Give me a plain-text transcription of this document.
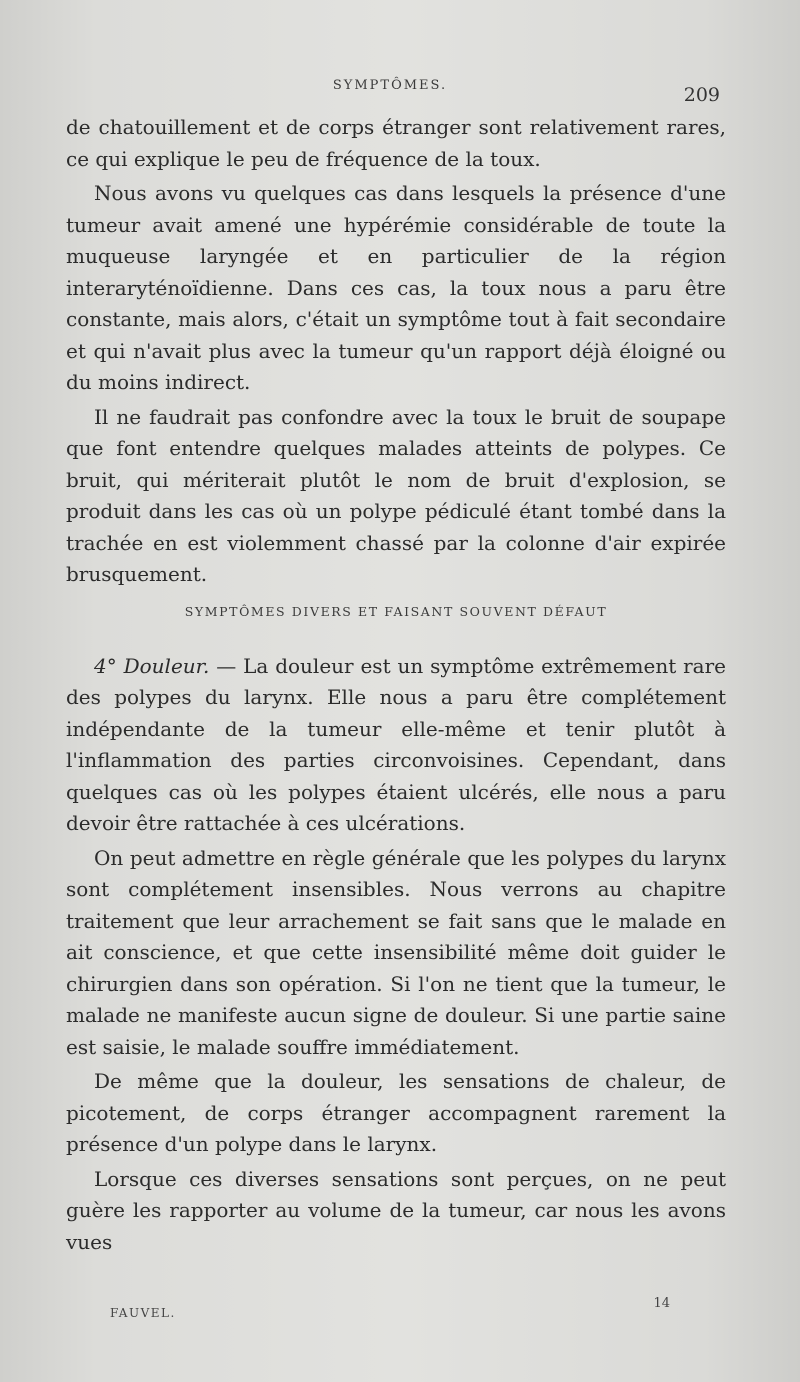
SYMPTÔMES.	209

de chatouillement et de corps étranger sont relativement rares, ce qui explique le peu de fréquence de la toux.

Nous avons vu quelques cas dans lesquels la présence d'une tumeur avait amené une hypérémie considérable de toute la muqueuse laryngée et en particulier de la région interaryténoïdienne. Dans ces cas, la toux nous a paru être constante, mais alors, c'était un symptôme tout à fait secondaire et qui n'avait plus avec la tumeur qu'un rapport déjà éloigné ou du moins indirect.

Il ne faudrait pas confondre avec la toux le bruit de soupape que font entendre quelques malades atteints de polypes. Ce bruit, qui mériterait plutôt le nom de bruit d'explosion, se produit dans les cas où un polype pédiculé étant tombé dans la trachée en est violemment chassé par la colonne d'air expirée brusquement.

SYMPTÔMES DIVERS ET FAISANT SOUVENT DÉFAUT

4° Douleur. — La douleur est un symptôme extrêmement rare des polypes du larynx. Elle nous a paru être complétement indépendante de la tumeur elle-même et tenir plutôt à l'inflammation des parties circonvoisines. Cependant, dans quelques cas où les polypes étaient ulcérés, elle nous a paru devoir être rattachée à ces ulcérations.

On peut admettre en règle générale que les polypes du larynx sont complétement insensibles. Nous verrons au chapitre traitement que leur arrachement se fait sans que le malade en ait conscience, et que cette insensibilité même doit guider le chirurgien dans son opération. Si l'on ne tient que la tumeur, le malade ne manifeste aucun signe de douleur. Si une partie saine est saisie, le malade souffre immédiatement.

De même que la douleur, les sensations de chaleur, de picotement, de corps étranger accompagnent rarement la présence d'un polype dans le larynx.

Lorsque ces diverses sensations sont perçues, on ne peut guère les rapporter au volume de la tumeur, car nous les avons vues

FAUVEL.
14
